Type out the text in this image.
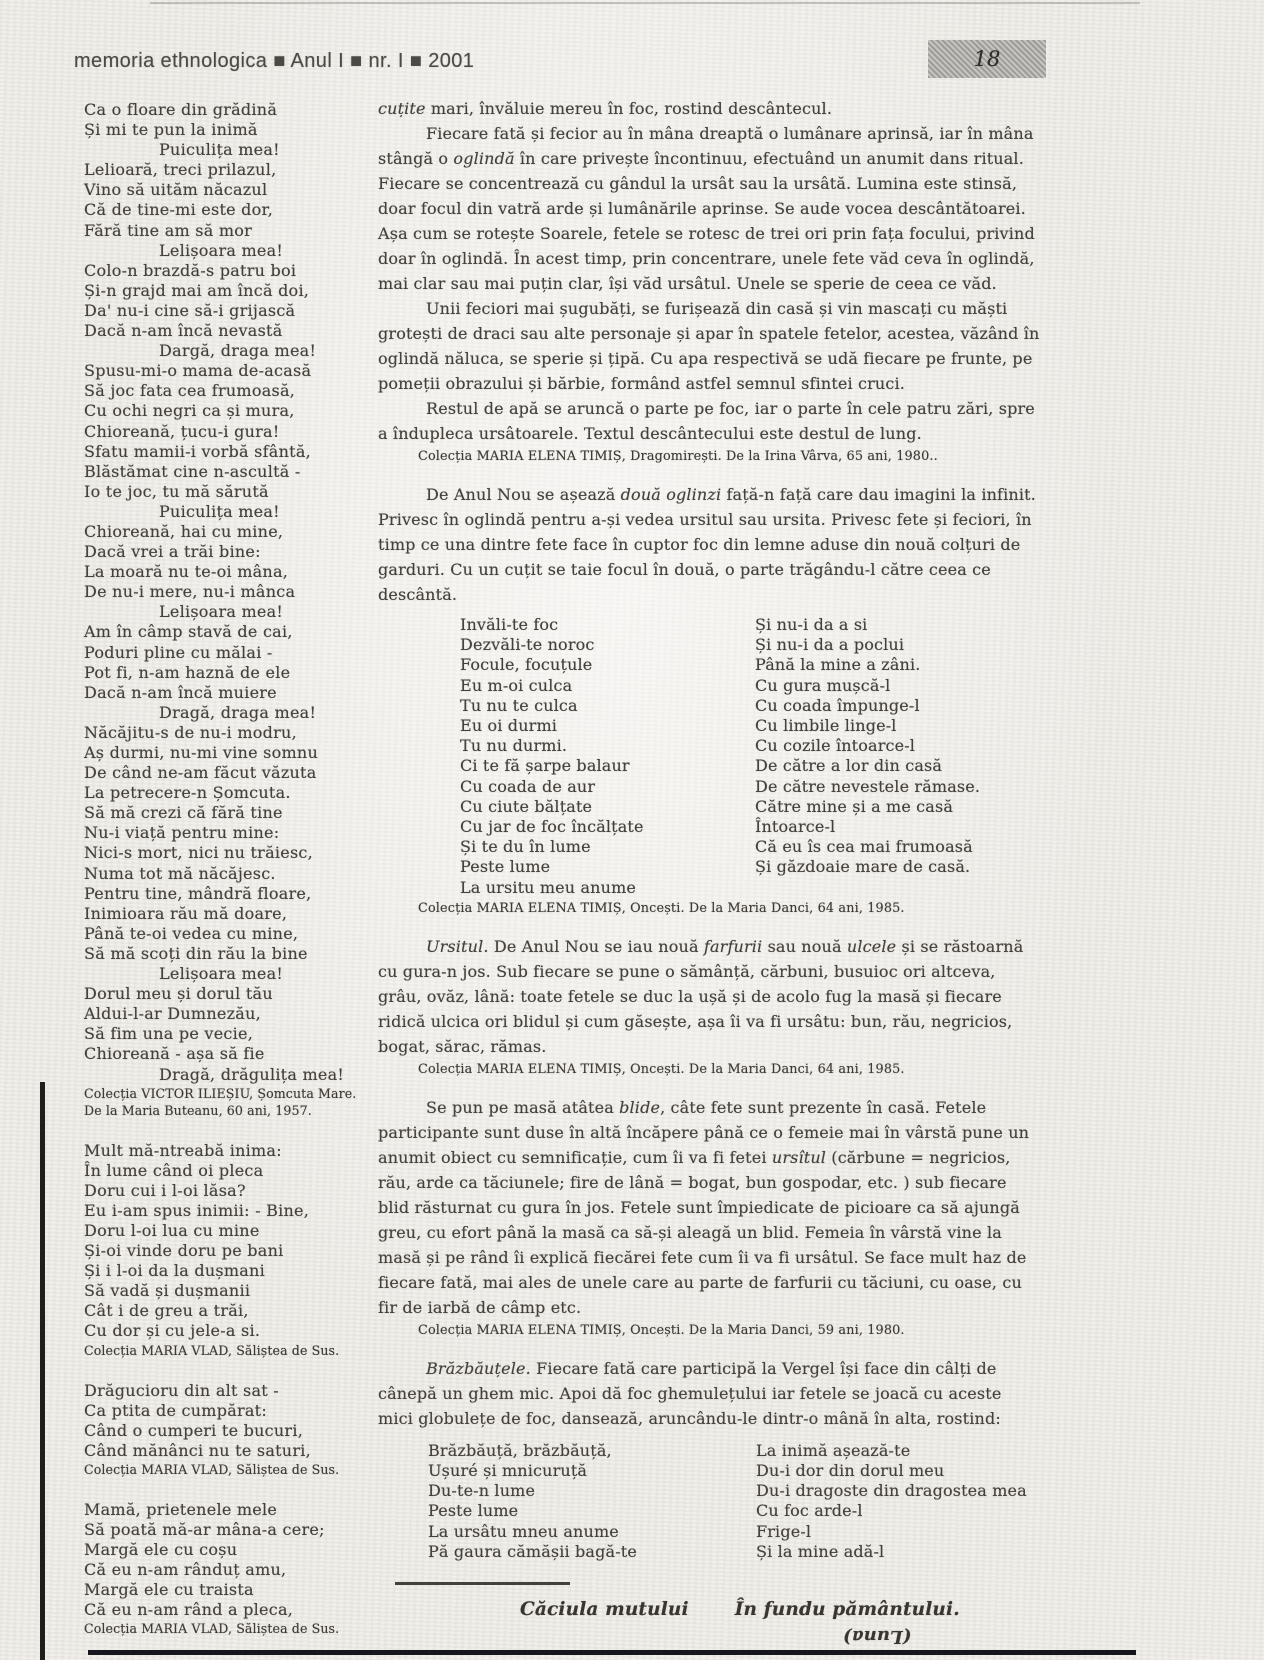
memoria ethnologica ■ Anul I ■ nr. I ■ 2001	18
Ca o floare din grădină
Și mi te pun la inimă
Puiculița mea!
Lelioară, treci prilazul,
Vino să uităm năcazul
Că de tine-mi este dor,
Fără tine am să mor
Lelișoara mea!
Colo-n brazdă-s patru boi
Și-n grajd mai am încă doi,
Da' nu-i cine să-i grijască
Dacă n-am încă nevastă
Dargă, draga mea!
Spusu-mi-o mama de-acasă
Să joc fata cea frumoasă,
Cu ochi negri ca și mura,
Chioreană, țucu-i gura!
Sfatu mamii-i vorbă sfântă,
Blăstămat cine n-ascultă -
Io te joc, tu mă sărută
Puiculița mea!
Chioreană, hai cu mine,
Dacă vrei a trăi bine:
La moară nu te-oi mâna,
De nu-i mere, nu-i mânca
Lelișoara mea!
Am în câmp stavă de cai,
Poduri pline cu mălai -
Pot fi, n-am haznă de ele
Dacă n-am încă muiere
Dragă, draga mea!
Năcăjitu-s de nu-i modru,
Aș durmi, nu-mi vine somnu
De când ne-am făcut văzuta
La petrecere-n Șomcuta.
Să mă crezi că fără tine
Nu-i viață pentru mine:
Nici-s mort, nici nu trăiesc,
Numa tot mă năcăjesc.
Pentru tine, mândră floare,
Inimioara rău mă doare,
Până te-oi vedea cu mine,
Să mă scoți din rău la bine
Lelișoara mea!
Dorul meu și dorul tău
Aldui-l-ar Dumnezău,
Să fim una pe vecie,
Chioreană - așa să fie
Dragă, drăgulița mea!
Colecția VICTOR ILIEȘIU, Șomcuta Mare.
De la Maria Buteanu, 60 ani, 1957.
Mult mă-ntreabă inima:
În lume când oi pleca
Doru cui i l-oi lăsa?
Eu i-am spus inimii: - Bine,
Doru l-oi lua cu mine
Și-oi vinde doru pe bani
Și i l-oi da la dușmani
Să vadă și dușmanii
Cât i de greu a trăi,
Cu dor și cu jele-a si.
Colecția MARIA VLAD, Săliștea de Sus.
Drăgucioru din alt sat -
Ca ptita de cumpărat:
Când o cumperi te bucuri,
Când mănânci nu te saturi,
Colecția MARIA VLAD, Săliștea de Sus.
Mamă, prietenele mele
Să poată mă-ar mâna-a cere;
Margă ele cu coșu
Că eu n-am rânduț amu,
Margă ele cu traista
Că eu n-am rând a pleca,
Colecția MARIA VLAD, Săliștea de Sus.

cuțite mari, învăluie mereu în foc, rostind descântecul.

Fiecare fată și fecior au în mâna dreaptă o lumânare aprinsă, iar în mâna stângă o oglindă în care privește încontinuu, efectuând un anumit dans ritual. Fiecare se concentrează cu gândul la ursât sau la ursâtă. Lumina este stinsă, doar focul din vatră arde și lumânările aprinse. Se aude vocea descântătoarei. Așa cum se rotește Soarele, fetele se rotesc de trei ori prin fața focului, privind doar în oglindă. În acest timp, prin concentrare, unele fete văd ceva în oglindă, mai clar sau mai puțin clar, își văd ursâtul. Unele se sperie de ceea ce văd.

Unii feciori mai șugubăți, se furișează din casă și vin mascați cu măști grotești de draci sau alte personaje și apar în spatele fetelor, acestea, văzând în oglindă năluca, se sperie și țipă. Cu apa respectivă se udă fiecare pe frunte, pe pomeții obrazului și bărbie, formând astfel semnul sfintei cruci.

Restul de apă se aruncă o parte pe foc, iar o parte în cele patru zări, spre a îndupleca ursâtoarele. Textul descântecului este destul de lung.

Colecția MARIA ELENA TIMIȘ, Dragomirești. De la Irina Vârva, 65 ani, 1980..

De Anul Nou se așează două oglinzi față-n față care dau imagini la infinit. Privesc în oglindă pentru a-și vedea ursitul sau ursita. Privesc fete și feciori, în timp ce una dintre fete face în cuptor foc din lemne aduse din nouă colțuri de garduri. Cu un cuțit se taie focul în două, o parte trăgându-l către ceea ce descântă.

Invăli-te foc
Dezvăli-te noroc
Focule, focuțule
Eu m-oi culca
Tu nu te culca
Eu oi durmi
Tu nu durmi.
Ci te fă șarpe balaur
Cu coada de aur
Cu ciute bălțate
Cu jar de foc încălțate
Și te du în lume
Peste lume
La ursitu meu anume
Și nu-i da a si
Și nu-i da a poclui
Până la mine a zâni.
Cu gura mușcă-l
Cu coada împunge-l
Cu limbile linge-l
Cu cozile întoarce-l
De către a lor din casă
De către nevestele rămase.
Către mine și a me casă
Întoarce-l
Că eu îs cea mai frumoasă
Și găzdoaie mare de casă.
Colecția MARIA ELENA TIMIȘ, Oncești. De la Maria Danci, 64 ani, 1985.

Ursitul. De Anul Nou se iau nouă farfurii sau nouă ulcele și se răstoarnă cu gura-n jos. Sub fiecare se pune o sămânță, cărbuni, busuioc ori altceva, grâu, ovăz, lână: toate fetele se duc la ușă și de acolo fug la masă și fiecare ridică ulcica ori blidul și cum găsește, așa îi va fi ursâtu: bun, rău, negricios, bogat, sărac, rămas.

Colecția MARIA ELENA TIMIȘ, Oncești. De la Maria Danci, 64 ani, 1985.

Se pun pe masă atâtea blide, câte fete sunt prezente în casă. Fetele participante sunt duse în altă încăpere până ce o femeie mai în vârstă pune un anumit obiect cu semnificație, cum îi va fi fetei ursîtul (cărbune = negricios, rău, arde ca tăciunele; fire de lână = bogat, bun gospodar, etc. ) sub fiecare blid răsturnat cu gura în jos. Fetele sunt împiedicate de picioare ca să ajungă greu, cu efort până la masă ca să-și aleagă un blid. Femeia în vârstă vine la masă și pe rând îi explică fiecărei fete cum îi va fi ursâtul. Se face mult haz de fiecare fată, mai ales de unele care au parte de farfurii cu tăciuni, cu oase, cu fir de iarbă de câmp etc.

Colecția MARIA ELENA TIMIȘ, Oncești. De la Maria Danci, 59 ani, 1980.

Brăzbăuțele. Fiecare fată care participă la Vergel își face din câlți de cânepă un ghem mic. Apoi dă foc ghemulețului iar fetele se joacă cu aceste mici globulețe de foc, dansează, aruncându-le dintr-o mână în alta, rostind:

Brăzbăuță, brăzbăuță,
Ușuré și mnicuruță
Du-te-n lume
Peste lume
La ursâtu mneu anume
Pă gaura cămășii bagă-te
La inimă așează-te
Du-i dor din dorul meu
Du-i dragoste din dragostea mea
Cu foc arde-l
Frige-l
Și la mine adă-l
Căciula mutului În fundu pământului.
(Luna)
